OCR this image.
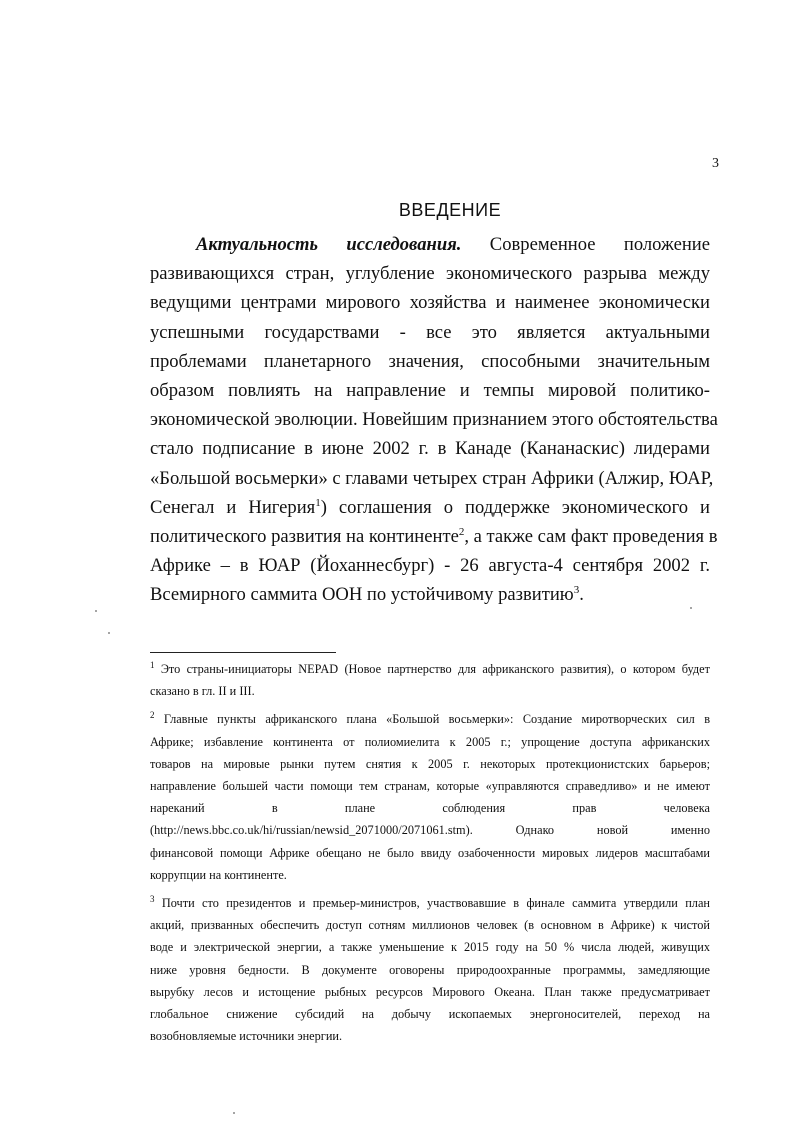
3
ВВЕДЕНИЕ
Актуальность исследования. Современное положение
развивающихся стран, углубление экономического разрыва между
ведущими центрами мирового хозяйства и наименее экономически
успешными государствами - все это является актуальными
проблемами планетарного значения, способными значительным
образом повлиять на направление и темпы мировой политико-
экономической эволюции. Новейшим признанием этого обстоятельства
стало подписание в июне 2002 г. в Канаде (Кананаскис) лидерами
«Большой восьмерки» с главами четырех стран Африки (Алжир, ЮАР,
Сенегал и Нигерия$^1$) соглашения о поддержке экономического и
политического развития на континенте$^2$, а также сам факт проведения в
Африке – в ЮАР (Йоханнесбург) - 26 августа-4 сентября 2002 г.
Всемирного саммита ООН по устойчивому развитию$^3$.
$^1$ Это страны-инициаторы NEPAD (Новое партнерство для африканского развития), о котором будет
сказано в гл. II и III.
$^2$ Главные пункты африканского плана «Большой восьмерки»: Создание миротворческих сил в
Африке; избавление континента от полиомиелита к 2005 г.; упрощение доступа африканских
товаров на мировые рынки путем снятия к 2005 г. некоторых протекционистских барьеров;
направление большей части помощи тем странам, которые «управляются справедливо» и не имеют
нареканий в плане соблюдения прав человека
(http://news.bbc.co.uk/hi/russian/newsid_2071000/2071061.stm). Однако новой именно
финансовой помощи Африке обещано не было ввиду озабоченности мировых лидеров масштабами
коррупции на континенте.
$^3$ Почти сто президентов и премьер-министров, участвовавшие в финале саммита утвердили план
акций, призванных обеспечить доступ сотням миллионов человек (в основном в Африке) к чистой
воде и электрической энергии, а также уменьшение к 2015 году на 50 % числа людей, живущих
ниже уровня бедности. В документе оговорены природоохранные программы, замедляющие
вырубку лесов и истощение рыбных ресурсов Мирового Океана. План также предусматривает
глобальное снижение субсидий на добычу ископаемых энергоносителей, переход на
возобновляемые источники энергии.
